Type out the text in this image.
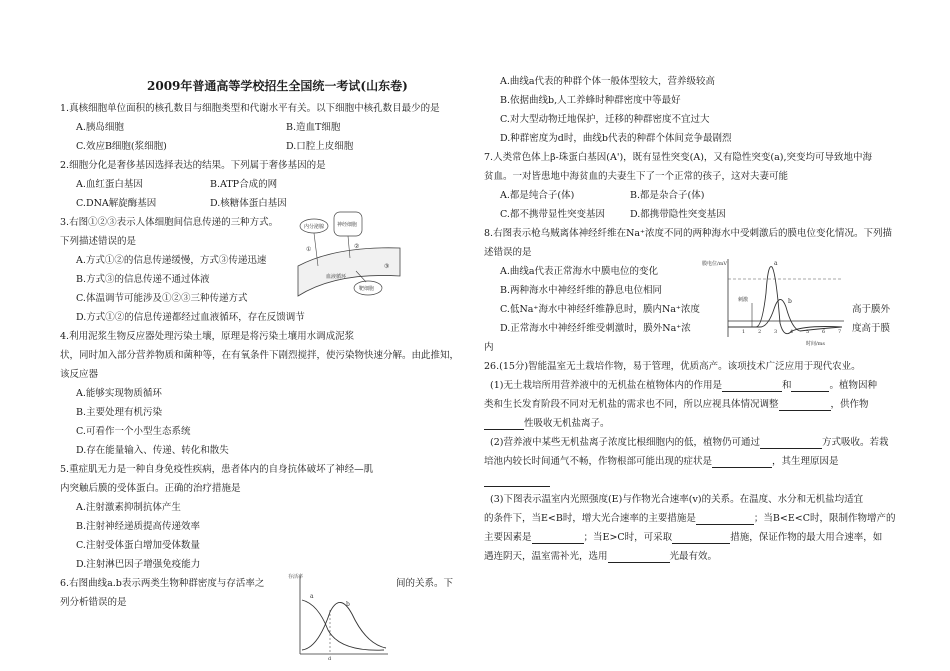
2009年普通高等学校招生全国统一考试(山东卷)
1.真核细胞单位面积的核孔数目与细胞类型和代谢水平有关。以下细胞中核孔数目最少的是
A.胰岛细胞	B.造血T细胞
C.效应B细胞(浆细胞)	D.口腔上皮细胞
2.细胞分化是奢侈基因选择表达的结果。下列属于奢侈基因的是
A.血红蛋白基因	B.ATP合成的网
C.DNA解旋酶基因	D.核糖体蛋白基因
3.右图①②③表示人体细胞间信息传递的三种方式。
下列描述错误的是
A.方式①②的信息传递缓慢，方式③传递迅速
B.方式③的信息传递不通过体液
C.体温调节可能涉及①②③三种传递方式
D.方式①②的信息传递都经过血液循环，存在反馈调节
内分泌腺	神经细胞
靶细胞
血液循环
①	②
③
4.利用泥浆生物反应器处理污染土壤，原理是将污染土壤用水调成泥浆
状，同时加入部分营养物质和菌种等，在有氧条件下剧烈搅拌，使污染物快速分解。由此推知，
该反应器
A.能够实现物质循环
B.主要处理有机污染
C.可看作一个小型生态系统
D.存在能量输入、传递、转化和散失
5.重症肌无力是一种自身免疫性疾病，患者体内的自身抗体破坏了神经—肌
内突触后膜的受体蛋白。正确的治疗措施是
A.注射激素抑制抗体产生
B.注射神经递质提高传递效率
C.注射受体蛋白增加受体数量
D.注射淋巴因子增强免疫能力
6.右图曲线a.b表示两类生物种群密度与存活率之	间的关系。下
列分析错误的是
存活率
a
b
d
A.曲线a代表的种群个体一般体型较大，营养级较高
B.依据曲线b,人工养蜂时种群密度中等最好
C.对大型动物迁地保护，迁移的种群密度不宜过大
D.种群密度为d时，曲线b代表的种群个体间竞争最剧烈
7.人类常色体上β-珠蛋白基因(A')，既有显性突变(A)，又有隐性突变(a),突变均可导致地中海
贫血。一对皆患地中海贫血的夫妻生下了一个正常的孩子，这对夫妻可能
A.都是纯合子(体)	B.都是杂合子(体)
C.都不携带显性突变基因	D.都携带隐性突变基因
8.右图表示枪乌贼离体神经纤维在Na⁺浓度不同的两种海水中受刺激后的膜电位变化情况。下列描
述错误的是
A.曲线a代表正常海水中膜电位的变化
B.两种海水中神经纤维的静息电位相同
C.低Na⁺海水中神经纤维静息时，膜内Na⁺浓度	高于膜外
D.正常海水中神经纤维受刺激时，膜外Na⁺浓	度高于膜
内
膜电位/mV
刺激
a
b
1	2	3	4	5	6	7
时间/ms
26.(15分)智能温室无土栽培作物，易于管理，优质高产。该项技术广泛应用于现代农业。
(1)无土栽培所用营养液中的无机盐在植物体内的作用是	和	。植物因种
类和生长发育阶段不同对无机盐的需求也不同，所以应视具体情况调整	，供作物
性吸收无机盐离子。
(2)营养液中某些无机盐离子浓度比根细胞内的低，植物仍可通过	方式吸收。若栽
培池内较长时间通气不畅，作物根部可能出现的症状是	，其生理原因是
(3)下图表示温室内光照强度(E)与作物光合速率(v)的关系。在温度、水分和无机盐均适宜
的条件下，当E<B时，增大光合速率的主要措施是	；当B<E<C时，限制作物增产的
主要因素是	；当E>C时，可采取	措施，保证作物的最大用合速率，如
遇连阴天，温室需补光，选用	光最有效。
